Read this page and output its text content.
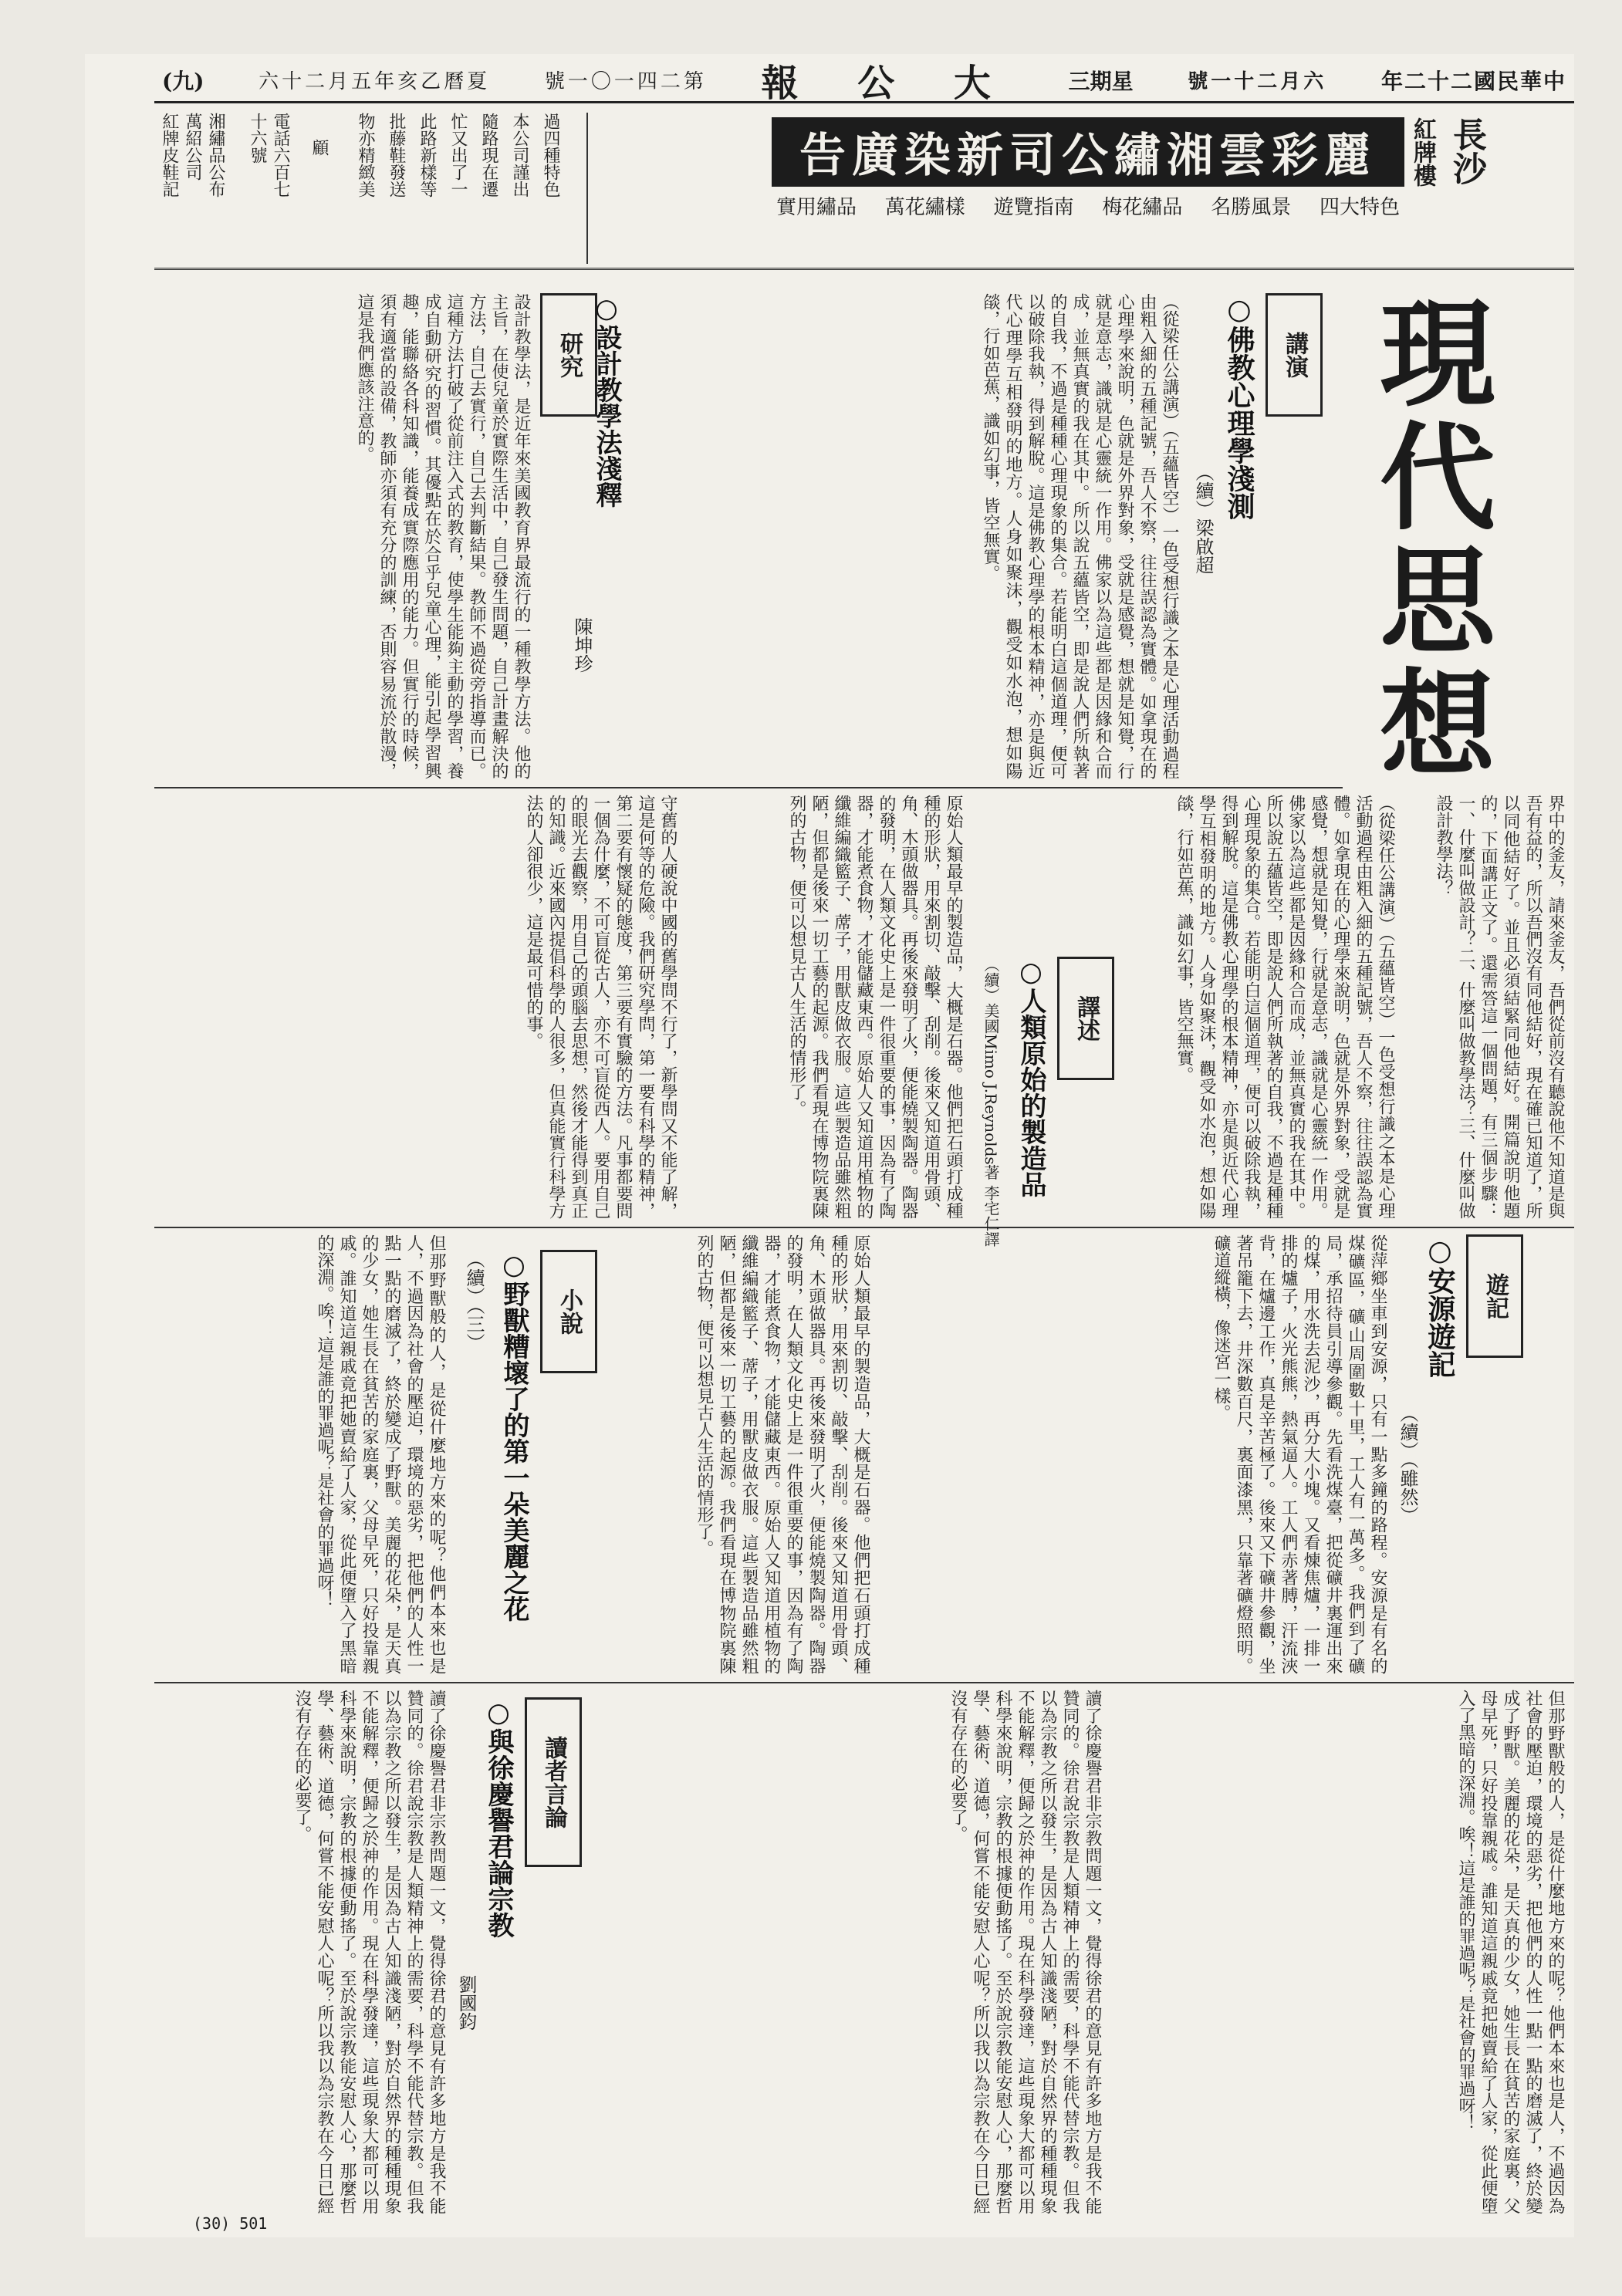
(九)	六十二月五年亥乙曆夏	號一〇一四二第 報 公 大	三期星	號一十二月六	年二十二國民華中
紅牌皮鞋記 萬紹公司 湘繡品公布 十六號 電話六百七 顧 物亦精緻美 批藤鞋發送 此路新樣等 忙又出了一 隨路現在遷 本公司謹出 過四種特色	告廣染新司公繡湘雲彩麗
實用繡品 萬花繡樣 遊覽指南 梅花繡品 名勝風景 四大特色
紅牌樓 長沙
現代思想
講演
○佛教心理學淺測
（續）梁啟超
（從梁任公講演）（五蘊皆空）一色受想行識之本是心理活動過程由粗入細的五種記號，吾人不察，往往誤認為實體。如拿現在的心理學來說明，色就是外界對象，受就是感覺，想就是知覺，行就是意志，識就是心靈統一作用。佛家以為這些都是因緣和合而成，並無真實的我在其中。所以說五蘊皆空，即是說人們所執著的自我，不過是種種心理現象的集合。若能明白這個道理，便可以破除我執，得到解脫。這是佛教心理學的根本精神，亦是與近代心理學互相發明的地方。人身如聚沫，觀受如水泡，想如陽燄，行如芭蕉，識如幻事，皆空無實。
研究 ○設計教學法淺釋
陳坤珍
設計教學法，是近年來美國教育界最流行的一種教學方法。他的主旨，在使兒童於實際生活中，自己發生問題，自己計畫解決的方法，自己去實行，自己去判斷結果。教師不過從旁指導而已。這種方法打破了從前注入式的教育，使學生能夠主動的學習，養成自動研究的習慣。其優點在於合乎兒童心理，能引起學習興趣，能聯絡各科知識，能養成實際應用的能力。但實行的時候，須有適當的設備，教師亦須有充分的訓練，否則容易流於散漫，這是我們應該注意的。
界中的釜友，請來釜友，吾們從前沒有聽說他不知道是與吾有益的，所以吾們沒有同他結好，現在確已知道了，所以同他結好了。並且必須結緊同他結好。開篇說明他題的，下面講正文了。還需答這一個問題，有三個步驟：一、什麼叫做設計？二、什麼叫做教學法？三、什麼叫做設計教學法？
（從梁任公講演）（五蘊皆空）一色受想行識之本是心理活動過程由粗入細的五種記號，吾人不察，往往誤認為實體。如拿現在的心理學來說明，色就是外界對象，受就是感覺，想就是知覺，行就是意志，識就是心靈統一作用。佛家以為這些都是因緣和合而成，並無真實的我在其中。所以說五蘊皆空，即是說人們所執著的自我，不過是種種心理現象的集合。若能明白這個道理，便可以破除我執，得到解脫。這是佛教心理學的根本精神，亦是與近代心理學互相發明的地方。人身如聚沫，觀受如水泡，想如陽燄，行如芭蕉，識如幻事，皆空無實。
譯述
○人類原始的製造品
（續）美國Mimo J.Reynolds著 李宅仁譯
原始人類最早的製造品，大概是石器。他們把石頭打成種種的形狀，用來割切、敲擊、刮削。後來又知道用骨頭、角、木頭做器具。再後來發明了火，便能燒製陶器。陶器的發明，在人類文化史上是一件很重要的事，因為有了陶器，才能煮食物，才能儲藏東西。原始人又知道用植物的纖維編織籃子、蓆子，用獸皮做衣服。這些製造品雖然粗陋，但都是後來一切工藝的起源。我們看現在博物院裏陳列的古物，便可以想見古人生活的情形了。
守舊的人硬說中國的舊學問不行了，新學問又不能了解，這是何等的危險。我們研究學問，第一要有科學的精神，第二要有懷疑的態度，第三要有實驗的方法。凡事都要問一個為什麼，不可盲從古人，亦不可盲從西人。要用自己的眼光去觀察，用自己的頭腦去思想，然後才能得到真正的知識。近來國內提倡科學的人很多，但真能實行科學方法的人卻很少，這是最可惜的事。
遊記
○安源遊記
（續）（雖然）
從萍鄉坐車到安源，只有一點多鐘的路程。安源是有名的煤礦區，礦山周圍數十里，工人有一萬多。我們到了礦局，承招待員引導參觀。先看洗煤臺，把從礦井裏運出來的煤，用水洗去泥沙，再分大小塊。又看煉焦爐，一排一排的爐子，火光熊熊，熱氣逼人。工人們赤著膊，汗流浹背，在爐邊工作，真是辛苦極了。後來又下礦井參觀，坐著吊籠下去，井深數百尺，裏面漆黑，只靠著礦燈照明。礦道縱橫，像迷宮一樣。
小說
○野獸糟壞了的第一朵美麗之花
（續）（三）
但那野獸般的人，是從什麼地方來的呢？他們本來也是人，不過因為社會的壓迫，環境的惡劣，把他們的人性一點一點的磨滅了，終於變成了野獸。美麗的花朵，是天真的少女，她生長在貧苦的家庭裏，父母早死，只好投靠親戚。誰知道這親戚竟把她賣給了人家，從此便墮入了黑暗的深淵。唉！這是誰的罪過呢？是社會的罪過呀！	原始人類最早的製造品，大概是石器。他們把石頭打成種種的形狀，用來割切、敲擊、刮削。後來又知道用骨頭、角、木頭做器具。再後來發明了火，便能燒製陶器。陶器的發明，在人類文化史上是一件很重要的事，因為有了陶器，才能煮食物，才能儲藏東西。原始人又知道用植物的纖維編織籃子、蓆子，用獸皮做衣服。這些製造品雖然粗陋，但都是後來一切工藝的起源。我們看現在博物院裏陳列的古物，便可以想見古人生活的情形了。
但那野獸般的人，是從什麼地方來的呢？他們本來也是人，不過因為社會的壓迫，環境的惡劣，把他們的人性一點一點的磨滅了，終於變成了野獸。美麗的花朵，是天真的少女，她生長在貧苦的家庭裏，父母早死，只好投靠親戚。誰知道這親戚竟把她賣給了人家，從此便墮入了黑暗的深淵。唉！這是誰的罪過呢？是社會的罪過呀！
讀者言論
○與徐慶譽君論宗教
劉國鈞
讀了徐慶譽君非宗教問題一文，覺得徐君的意見有許多地方是我不能贊同的。徐君說宗教是人類精神上的需要，科學不能代替宗教。但我以為宗教之所以發生，是因為古人知識淺陋，對於自然界的種種現象不能解釋，便歸之於神的作用。現在科學發達，這些現象大都可以用科學來說明，宗教的根據便動搖了。至於說宗教能安慰人心，那麼哲學、藝術、道德，何嘗不能安慰人心呢？所以我以為宗教在今日已經沒有存在的必要了。	讀了徐慶譽君非宗教問題一文，覺得徐君的意見有許多地方是我不能贊同的。徐君說宗教是人類精神上的需要，科學不能代替宗教。但我以為宗教之所以發生，是因為古人知識淺陋，對於自然界的種種現象不能解釋，便歸之於神的作用。現在科學發達，這些現象大都可以用科學來說明，宗教的根據便動搖了。至於說宗教能安慰人心，那麼哲學、藝術、道德，何嘗不能安慰人心呢？所以我以為宗教在今日已經沒有存在的必要了。
(30) 501
